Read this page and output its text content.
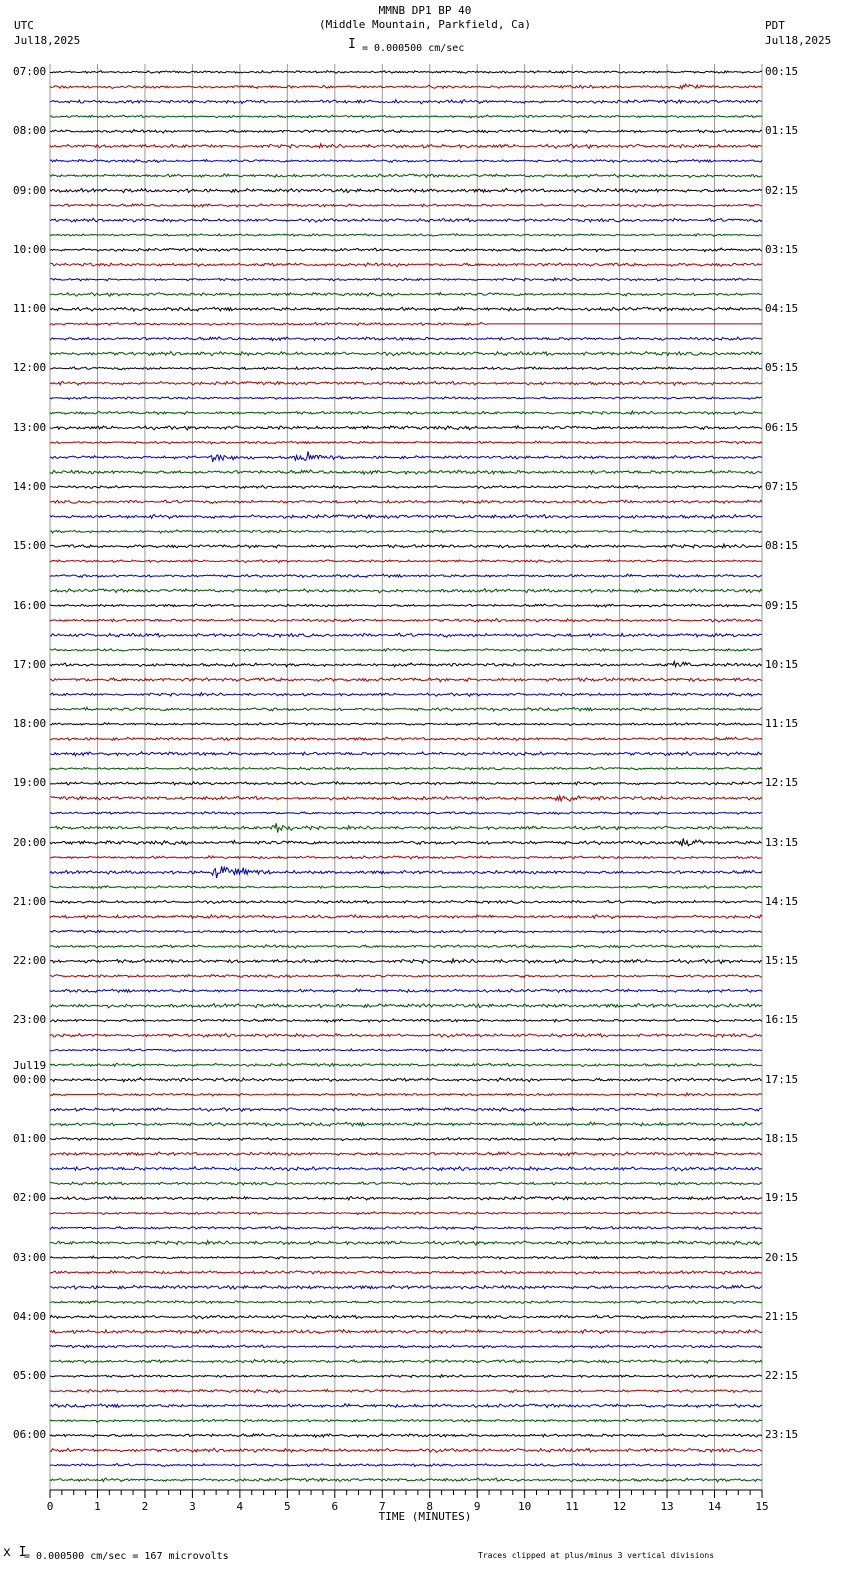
MMNB DP1 BP 40
(Middle Mountain, Parkfield, Ca)
UTC
Jul18,2025
PDT
Jul18,2025
I = 0.000500 cm/sec
07:00
08:00
09:00
10:00
11:00
12:00
13:00
14:00
15:00
16:00
17:00
18:00
19:00
20:00
21:00
22:00
23:00
00:00
Jul19
01:00
02:00
03:00
04:00
05:00
06:00
00:15
01:15
02:15
03:15
04:15
05:15
06:15
07:15
08:15
09:15
10:15
11:15
12:15
13:15
14:15
15:15
16:15
17:15
18:15
19:15
20:15
21:15
22:15
23:15
0	1	2	3	4	5	6	7	8	9	10	11	12	13	14	15
TIME (MINUTES)
x I
= 0.000500 cm/sec = 167 microvolts	Traces clipped at plus/minus 3 vertical divisions
